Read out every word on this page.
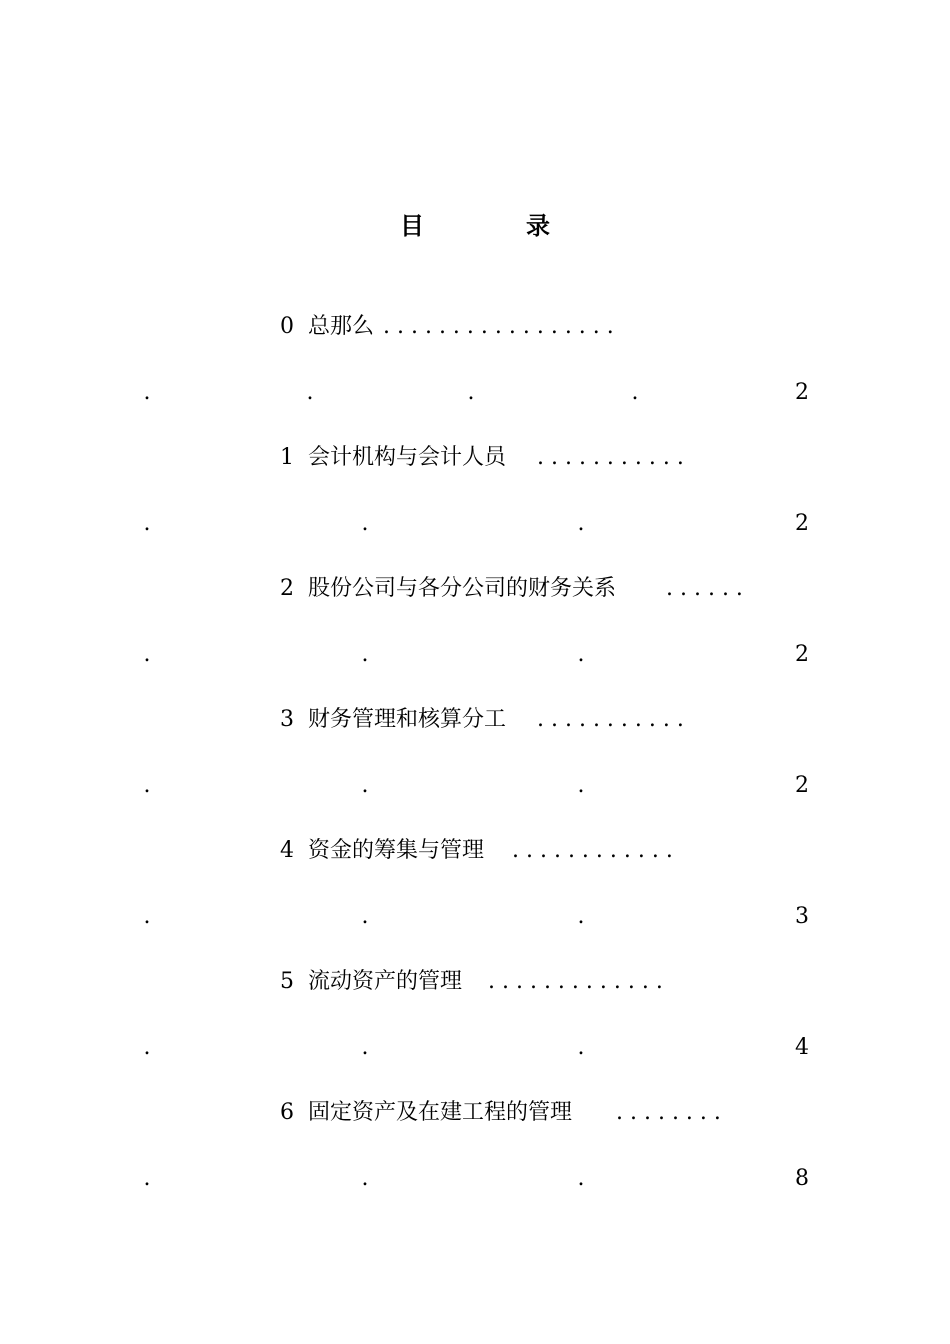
目	录
0 总那么 . . . . . . . . . . . . . . . . .
.	.	.	.	2
1 会计机构与会计人员 . . . . . . . . . . .
.	.	.	2
2 股份公司与各分公司的财务关系 . . . . . .
.	.	.	2
3 财务管理和核算分工 . . . . . . . . . . .
.	.	.	2
4 资金的筹集与管理 . . . . . . . . . . . .
.	.	.	3
5 流动资产的管理 . . . . . . . . . . . . .
.	.	.	4
6 固定资产及在建工程的管理 . . . . . . . .
.	.	.	8
